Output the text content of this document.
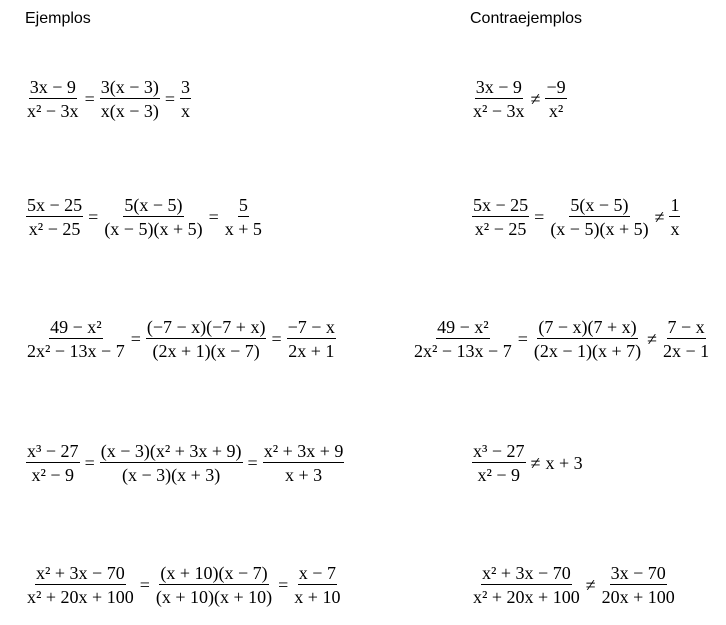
Ejemplos	Contraejemplos
$\frac{3x - 9}{\text{x² − 3x}} = \frac{3(x - 3)}{x(x - 3)} = \frac{3}{x}$	$\frac{3x - 9}{\text{x² − 3x}} \ne \frac{-9}{\text{x²}}$
$\frac{5x - 25}{\text{x² − 25}} = \frac{5(x - 5)}{(x - 5)(x + 5)} = \frac{5}{x + 5}$	$\frac{5x - 25}{\text{x² − 25}} = \frac{5(x - 5)}{(x - 5)(x + 5)} \ne \frac{1}{x}$
$\frac{\text{49 − x²}}{\text{2x² − 13x − 7}} = \frac{(-7 - x)(-7 + x)}{(2x + 1)(x - 7)} = \frac{-7 - x}{2x + 1}$	$\frac{\text{49 − x²}}{\text{2x² − 13x − 7}} = \frac{(7 - x)(7 + x)}{(2x - 1)(x + 7)} \ne \frac{7 - x}{2x - 1}$
$\frac{\text{x³ − 27}}{\text{x² − 9}} = \frac{\text{(x − 3)(x² + 3x + 9)}}{(x - 3)(x + 3)} = \frac{\text{x² + 3x + 9}}{x + 3}$	$\frac{\text{x³ − 27}}{\text{x² − 9}} \ne x + 3$
$\frac{\text{x² + 3x − 70}}{\text{x² + 20x + 100}} = \frac{(x + 10)(x - 7)}{(x + 10)(x + 10)} = \frac{x - 7}{x + 10}$	$\frac{\text{x² + 3x − 70}}{\text{x² + 20x + 100}} \ne \frac{3x - 70}{20x + 100}$
